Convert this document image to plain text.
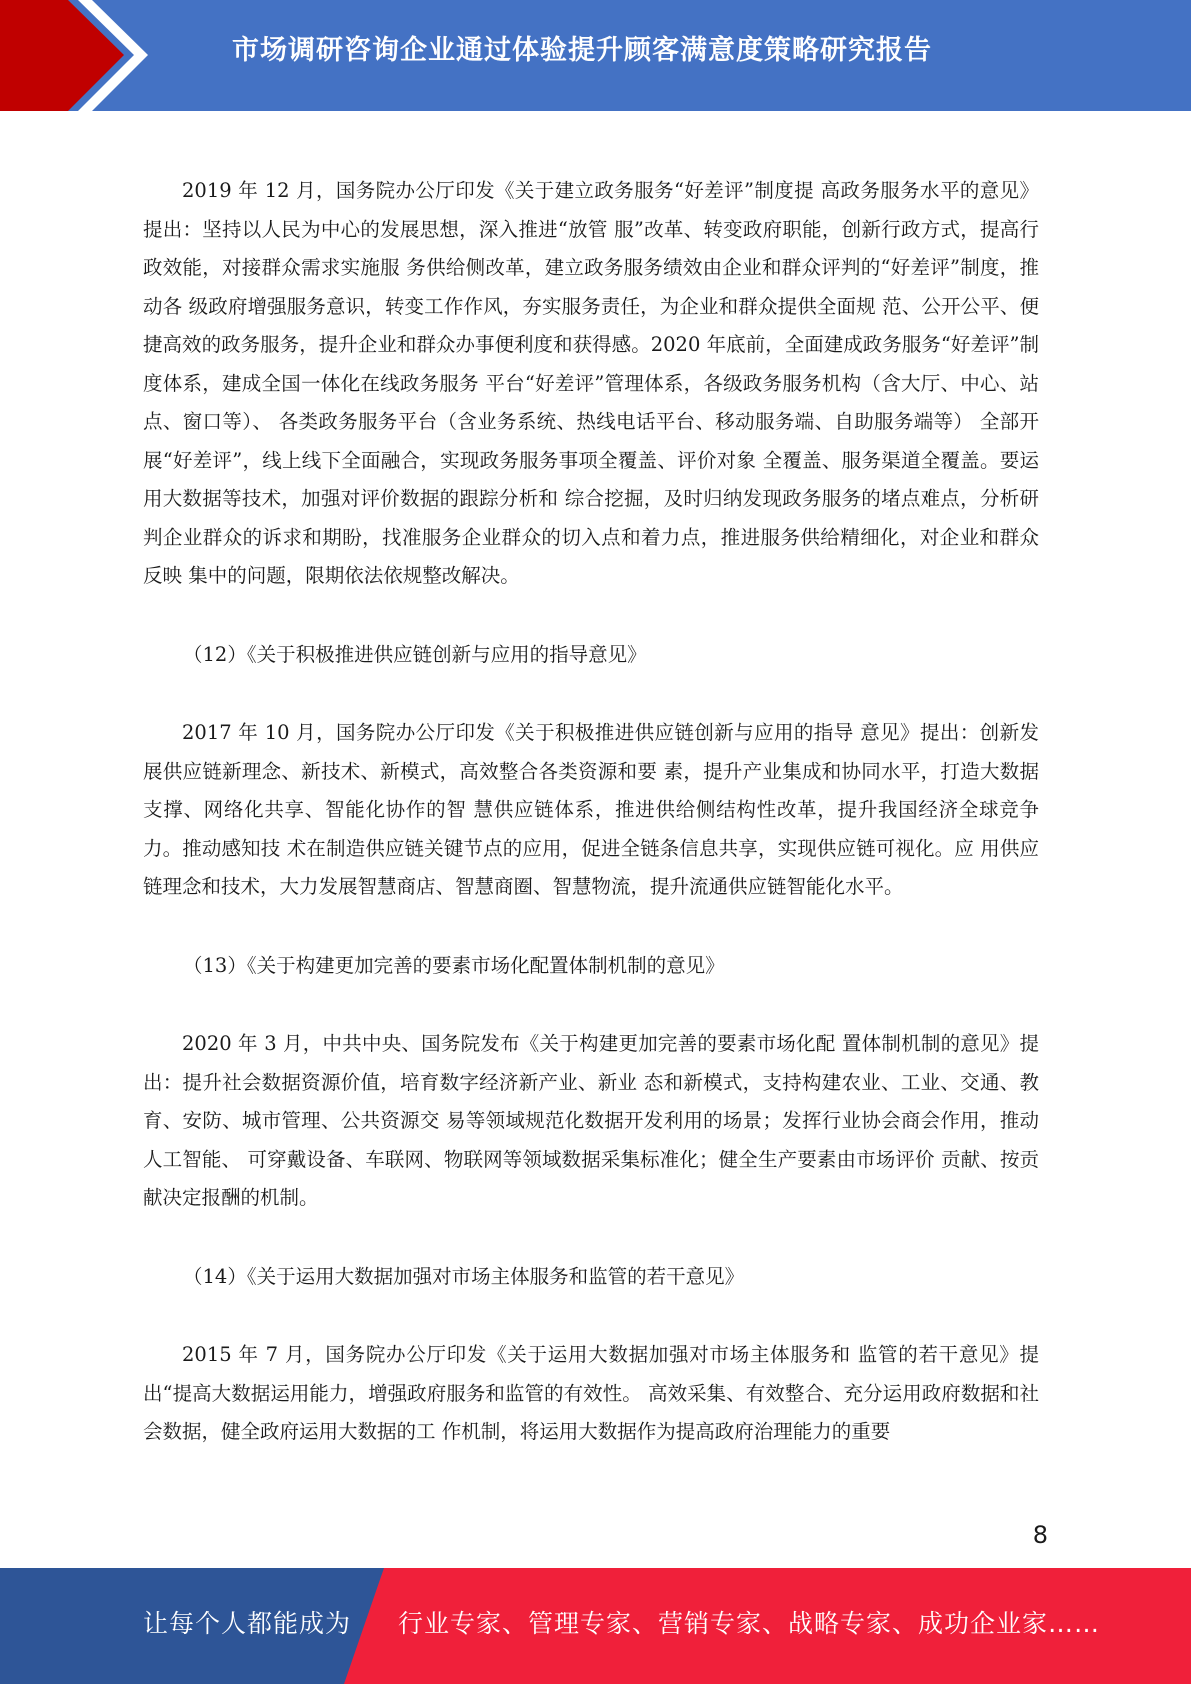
市场调研咨询企业通过体验提升顾客满意度策略研究报告

2019 年 12 月，国务院办公厅印发《关于建立政务服务“好差评”制度提 高政务服务水平的意见》提出：坚持以人民为中心的发展思想，深入推进“放管 服”改革、转变政府职能，创新行政方式，提高行政效能，对接群众需求实施服 务供给侧改革，建立政务服务绩效由企业和群众评判的“好差评”制度，推动各 级政府增强服务意识，转变工作作风，夯实服务责任，为企业和群众提供全面规 范、公开公平、便捷高效的政务服务，提升企业和群众办事便利度和获得感。2020 年底前，全面建成政务服务“好差评”制度体系，建成全国一体化在线政务服务 平台“好差评”管理体系，各级政务服务机构（含大厅、中心、站点、窗口等）、 各类政务服务平台（含业务系统、热线电话平台、移动服务端、自助服务端等） 全部开展“好差评”，线上线下全面融合，实现政务服务事项全覆盖、评价对象 全覆盖、服务渠道全覆盖。要运用大数据等技术，加强对评价数据的跟踪分析和 综合挖掘，及时归纳发现政务服务的堵点难点，分析研判企业群众的诉求和期盼，找准服务企业群众的切入点和着力点，推进服务供给精细化，对企业和群众反映 集中的问题，限期依法依规整改解决。

（12）《关于积极推进供应链创新与应用的指导意见》

2017 年 10 月，国务院办公厅印发《关于积极推进供应链创新与应用的指导 意见》提出：创新发展供应链新理念、新技术、新模式，高效整合各类资源和要 素，提升产业集成和协同水平，打造大数据支撑、网络化共享、智能化协作的智 慧供应链体系，推进供给侧结构性改革，提升我国经济全球竞争力。推动感知技 术在制造供应链关键节点的应用，促进全链条信息共享，实现供应链可视化。应 用供应链理念和技术，大力发展智慧商店、智慧商圈、智慧物流，提升流通供应链智能化水平。

（13）《关于构建更加完善的要素市场化配置体制机制的意见》

2020 年 3 月，中共中央、国务院发布《关于构建更加完善的要素市场化配 置体制机制的意见》提出：提升社会数据资源价值，培育数字经济新产业、新业 态和新模式，支持构建农业、工业、交通、教育、安防、城市管理、公共资源交 易等领域规范化数据开发利用的场景；发挥行业协会商会作用，推动人工智能、 可穿戴设备、车联网、物联网等领域数据采集标准化；健全生产要素由市场评价 贡献、按贡献决定报酬的机制。

（14）《关于运用大数据加强对市场主体服务和监管的若干意见》

2015 年 7 月，国务院办公厅印发《关于运用大数据加强对市场主体服务和 监管的若干意见》提出“提高大数据运用能力，增强政府服务和监管的有效性。 高效采集、有效整合、充分运用政府数据和社会数据，健全政府运用大数据的工 作机制，将运用大数据作为提高政府治理能力的重要

8
让每个人都能成为 行业专家、管理专家、营销专家、战略专家、成功企业家……
